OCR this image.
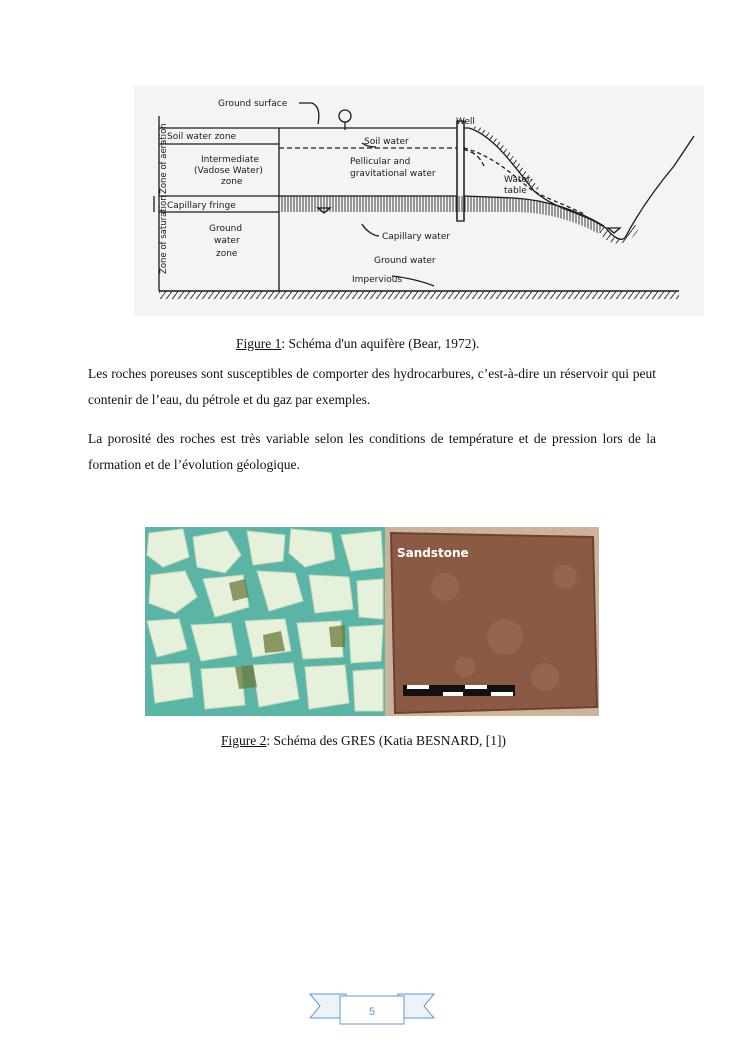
Ground surface
Well
Soil water zone	Soil water
Intermediate
(Vadose Water)
zone
Pellicular and
gravitational water
Water-
table
Capillary fringe
Capillary water
Ground
water
zone
Ground water
Impervious
Zone of aeration
Zone of saturation
Figure 1: Schéma d'un aquifère (Bear, 1972).

Les roches poreuses sont susceptibles de comporter des hydrocarbures, c’est-à-dire un réservoir qui peut contenir de l’eau, du pétrole et du gaz par exemples.

La porosité des roches est très variable selon les conditions de température et de pression lors de la formation et de l’évolution géologique.

Sandstone
Figure 2: Schéma des GRES (Katia BESNARD, [1])
5
